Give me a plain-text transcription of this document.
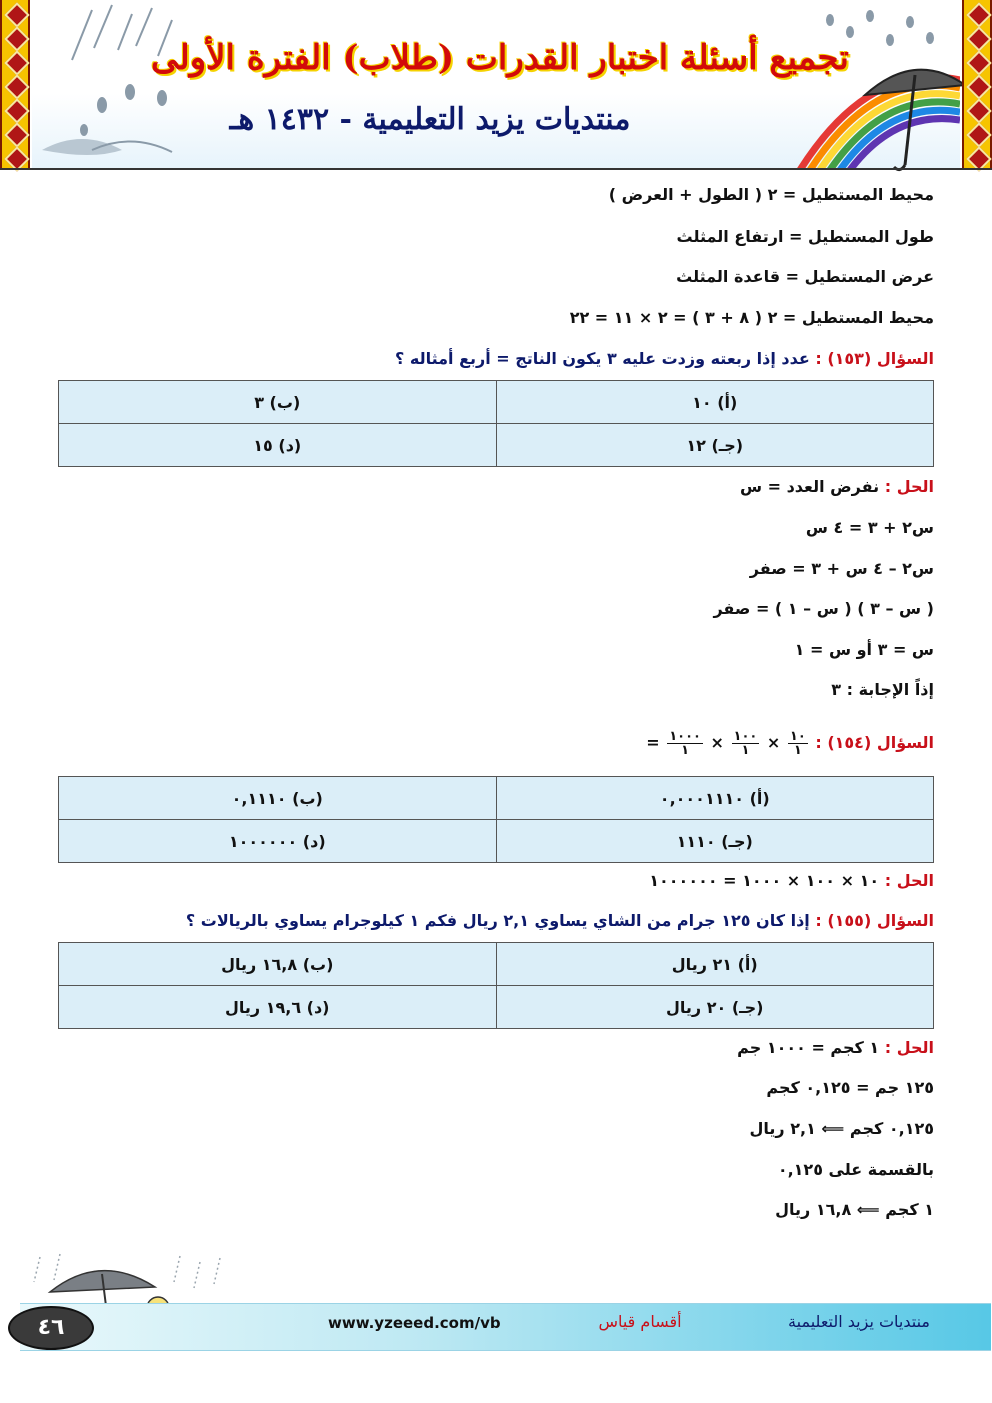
تجميع أسئلة اختبار القدرات (طلاب) الفترة الأولى
منتديات يزيد التعليمية - ١٤٣٢ هـ
محيط المستطيل = ٢ ( الطول + العرض )
طول المستطيل = ارتفاع المثلث
عرض المستطيل = قاعدة المثلث
محيط المستطيل = ٢ ( ٨ + ٣ ) = ٢ × ١١ = ٢٢
السؤال (١٥٣) : عدد إذا ربعته وزدت عليه ٣ يكون الناتج = أربع أمثاله ؟
(أ) ١٠	(ب) ٣
(جـ) ١٢	(د) ١٥
الحل : نفرض العدد = س
س٢ + ٣ = ٤ س
س٢ – ٤ س + ٣ = صفر
( س – ٣ ) ( س – ١ ) = صفر
س = ٣ أو س = ١
إذاً الإجابة : ٣
السؤال (١٥٤) :
$\frac{١٠}{١}$
×
$\frac{١٠٠}{١}$
×
$\frac{١٠٠٠}{١}$
=
(أ) ٠,٠٠٠١١١٠	(ب) ٠,١١١٠
(جـ) ١١١٠	(د) ١٠٠٠٠٠٠
الحل : ١٠ × ١٠٠ × ١٠٠٠ = ١٠٠٠٠٠٠
السؤال (١٥٥) : إذا كان ١٢٥ جرام من الشاي يساوي ٢,١ ريال فكم ١ كيلوجرام يساوي بالريالات ؟
(أ) ٢١ ريال	(ب) ١٦,٨ ريال
(جـ) ٢٠ ريال	(د) ١٩,٦ ريال
الحل : ١ كجم = ١٠٠٠ جم
١٢٥ جم = ٠,١٢٥ كجم
٠,١٢٥ كجم ⟸ ٢,١ ريال
بالقسمة على ٠,١٢٥
١ كجم ⟸ ١٦,٨ ريال
٤٦	www.yzeeed.com/vb	أقسام قياس	منتديات يزيد التعليمية
